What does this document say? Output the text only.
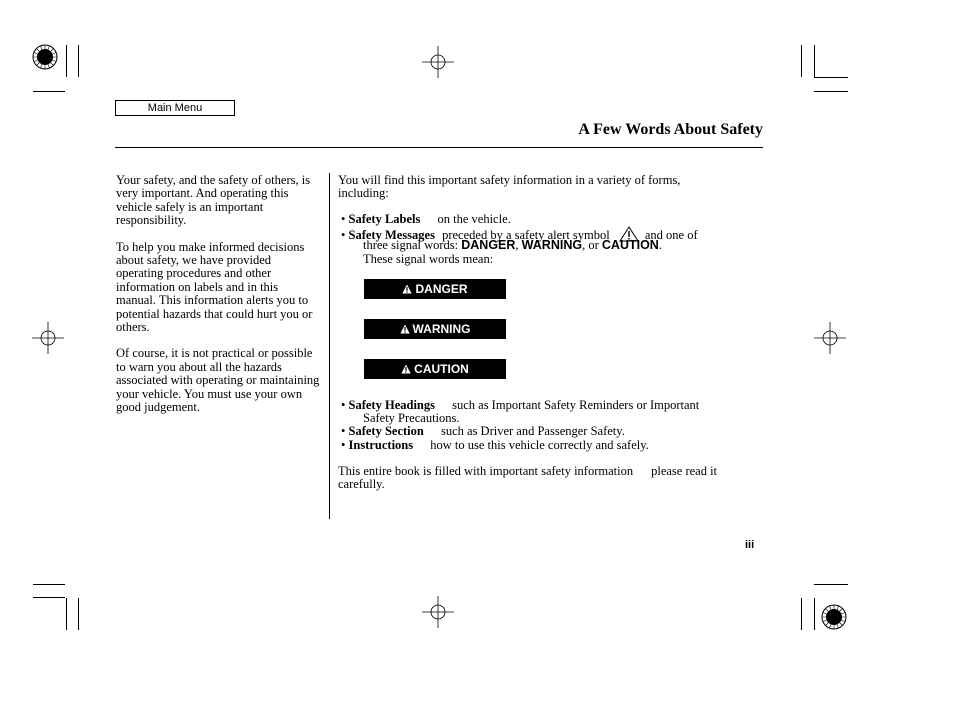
Main Menu
A Few Words About Safety

Your safety, and the safety of others, is very important. And operating this vehicle safely is an important responsibility.

To help you make informed decisions about safety, we have provided operating procedures and other information on labels and in this manual. This information alerts you to potential hazards that could hurt you or others.

Of course, it is not practical or possible to warn you about all the hazards associated with operating or maintaining your vehicle. You must use your own good judgement.

You will find this important safety information in a variety of forms,
including:
• Safety Labels on the vehicle.
• Safety Messages preceded by a safety alert symbol	and one of
three signal words: DANGER, WARNING, or CAUTION.
These signal words mean:
DANGER
WARNING
CAUTION
• Safety Headings such as Important Safety Reminders or Important
Safety Precautions.
• Safety Section such as Driver and Passenger Safety.
• Instructions how to use this vehicle correctly and safely.
This entire book is filled with important safety information please read it
carefully.
iii
